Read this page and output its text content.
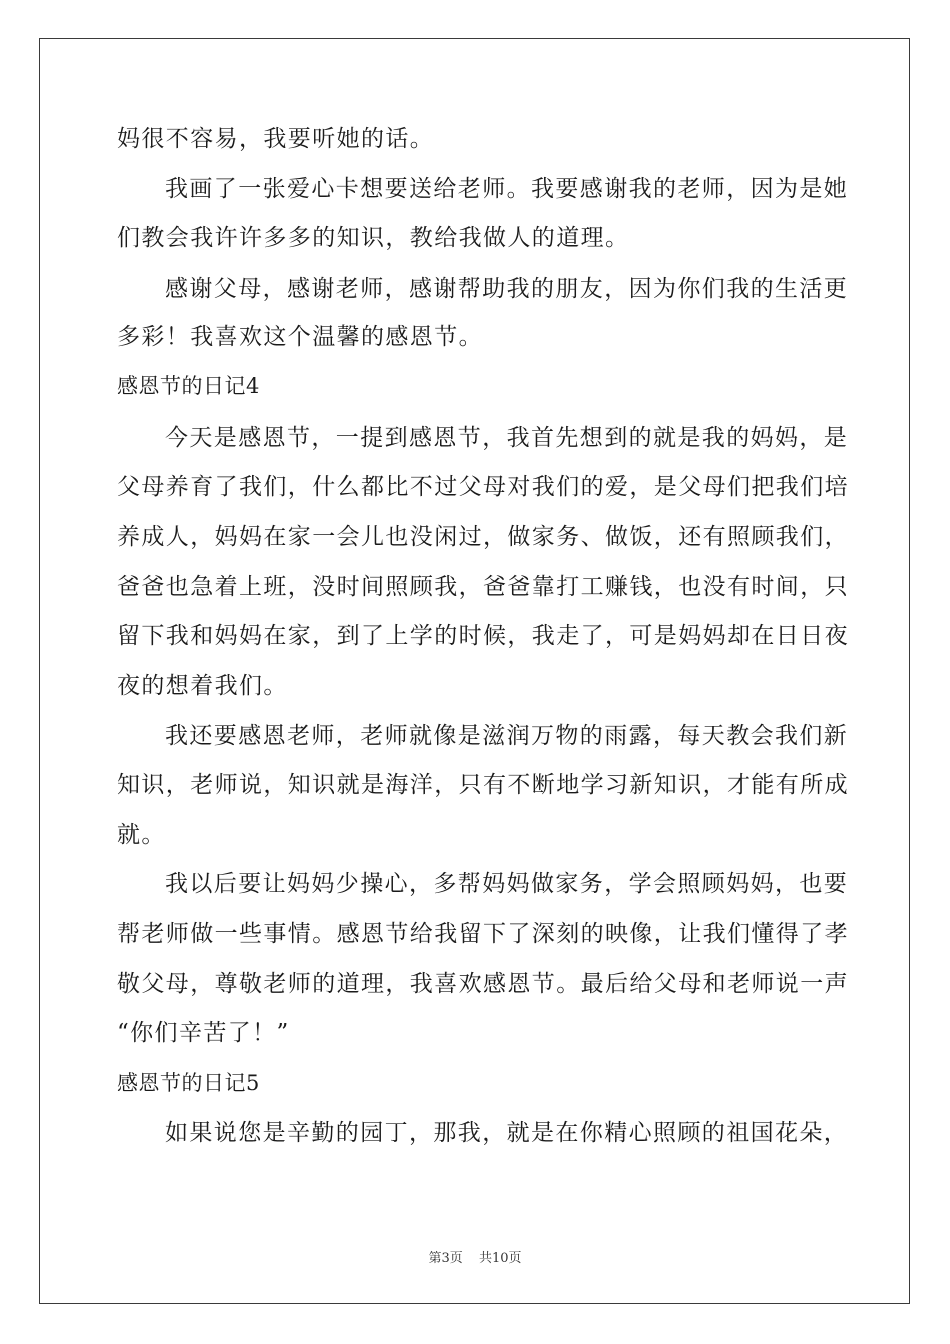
妈很不容易，我要听她的话。
我画了一张爱心卡想要送给老师。我要感谢我的老师，因为是她
们教会我许许多多的知识，教给我做人的道理。
感谢父母，感谢老师，感谢帮助我的朋友，因为你们我的生活更
多彩！我喜欢这个温馨的感恩节。
感恩节的日记4
今天是感恩节，一提到感恩节，我首先想到的就是我的妈妈，是
父母养育了我们，什么都比不过父母对我们的爱，是父母们把我们培
养成人，妈妈在家一会儿也没闲过，做家务、做饭，还有照顾我们，
爸爸也急着上班，没时间照顾我，爸爸靠打工赚钱，也没有时间，只
留下我和妈妈在家，到了上学的时候，我走了，可是妈妈却在日日夜
夜的想着我们。
我还要感恩老师，老师就像是滋润万物的雨露，每天教会我们新
知识，老师说，知识就是海洋，只有不断地学习新知识，才能有所成
就。
我以后要让妈妈少操心，多帮妈妈做家务，学会照顾妈妈，也要
帮老师做一些事情。感恩节给我留下了深刻的映像，让我们懂得了孝
敬父母，尊敬老师的道理，我喜欢感恩节。最后给父母和老师说一声
“你们辛苦了！”
感恩节的日记5
如果说您是辛勤的园丁，那我，就是在你精心照顾的祖国花朵，
第3页 共10页
